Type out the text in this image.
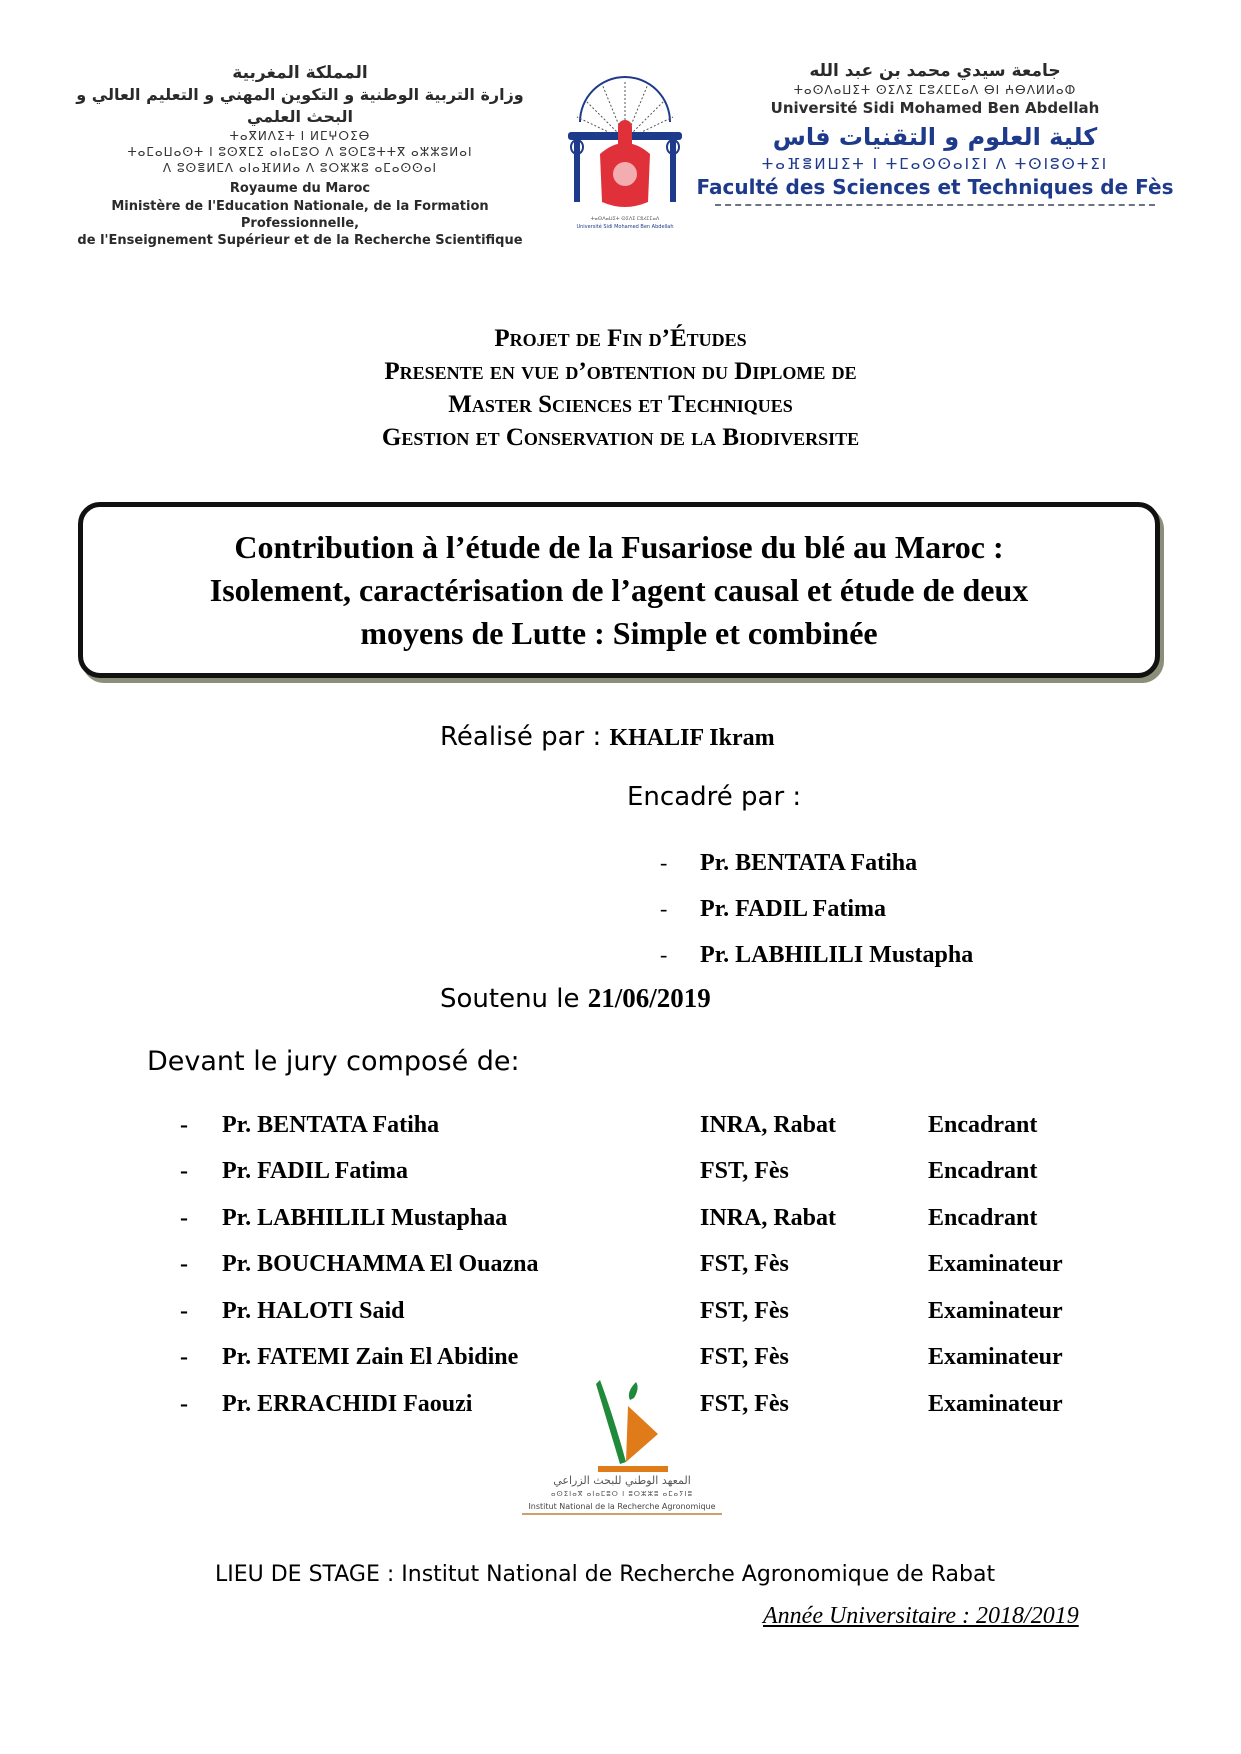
المملكة المغربية
وزارة التربية الوطنية و التكوين المهني و التعليم العالي و البحث العلمي
ⵜⴰⴳⵍⴷⵉⵜ ⵏ ⵍⵎⵖⵔⵉⴱ
ⵜⴰⵎⴰⵡⴰⵙⵜ ⵏ ⵓⵙⴳⵎⵉ ⴰⵏⴰⵎⵓⵔ ⴷ ⵓⵙⵎⵓⵜⵜⴳ ⴰⵣⵣⵓⵍⴰⵏ
ⴷ ⵓⵙⴻⵍⵎⴷ ⴰⵏⴰⴼⵍⵍⴰ ⴷ ⵓⵔⵣⵣⵓ ⴰⵎⴰⵙⵙⴰⵏ
Royaume du Maroc
Ministère de l'Education Nationale, de la Formation Professionnelle,
de l'Enseignement Supérieur et de la Recherche Scientifique
ⵜⴰⵙⴷⴰⵡⵉⵜ ⵙⵉⴷⵉ ⵎⵓⵃⵎⵎⴰⴷ
Université Sidi Mohamed Ben Abdellah
جامعة سيدي محمد بن عبد الله
ⵜⴰⵙⴷⴰⵡⵉⵜ ⵙⵉⴷⵉ ⵎⵓⵃⵎⵎⴰⴷ ⴱⵏ ⵄⴱⴷⵍⵍⴰⵀ
Université Sidi Mohamed Ben Abdellah
كلية العلوم و التقنيات فاس
ⵜⴰⴼⴻⵍⵡⵉⵜ ⵏ ⵜⵎⴰⵙⵙⴰⵏⵉⵏ ⴷ ⵜⵙⵏⵓⵙⵜⵉⵏ
Faculté des Sciences et Techniques de Fès
Projet de Fin d’Études
Presente en vue d’obtention du Diplome de
Master Sciences et Techniques
Gestion et Conservation de la Biodiversite
Contribution à l’étude de la Fusariose du blé au Maroc :
Isolement, caractérisation de l’agent causal et étude de deux
moyens de Lutte : Simple et combinée
Réalisé par : KHALIF Ikram
Encadré par :
-	Pr. BENTATA Fatiha
-	Pr. FADIL Fatima
-	Pr. LABHILILI Mustapha
Soutenu le 21/06/2019
Devant le jury composé de:
-	Pr. BENTATA Fatiha	INRA, Rabat	Encadrant
-	Pr. FADIL Fatima	FST, Fès	Encadrant
-	Pr. LABHILILI Mustaphaa	INRA, Rabat	Encadrant
-	Pr. BOUCHAMMA El Ouazna	FST, Fès	Examinateur
-	Pr. HALOTI Said	FST, Fès	Examinateur
-	Pr. FATEMI Zain El Abidine	FST, Fès	Examinateur
-	Pr. ERRACHIDI Faouzi	FST, Fès	Examinateur
المعهد الوطني للبحث الزراعي
ⴰⵙⵉⵏⴰⴳ ⴰⵏⴰⵎⵓⵔ ⵏ ⵓⵔⵣⵣⵓ ⴰⵎⴰⵢⵏⵓ
Institut National de la Recherche Agronomique
LIEU DE STAGE : Institut National de Recherche Agronomique de Rabat
Année Universitaire : 2018/2019
